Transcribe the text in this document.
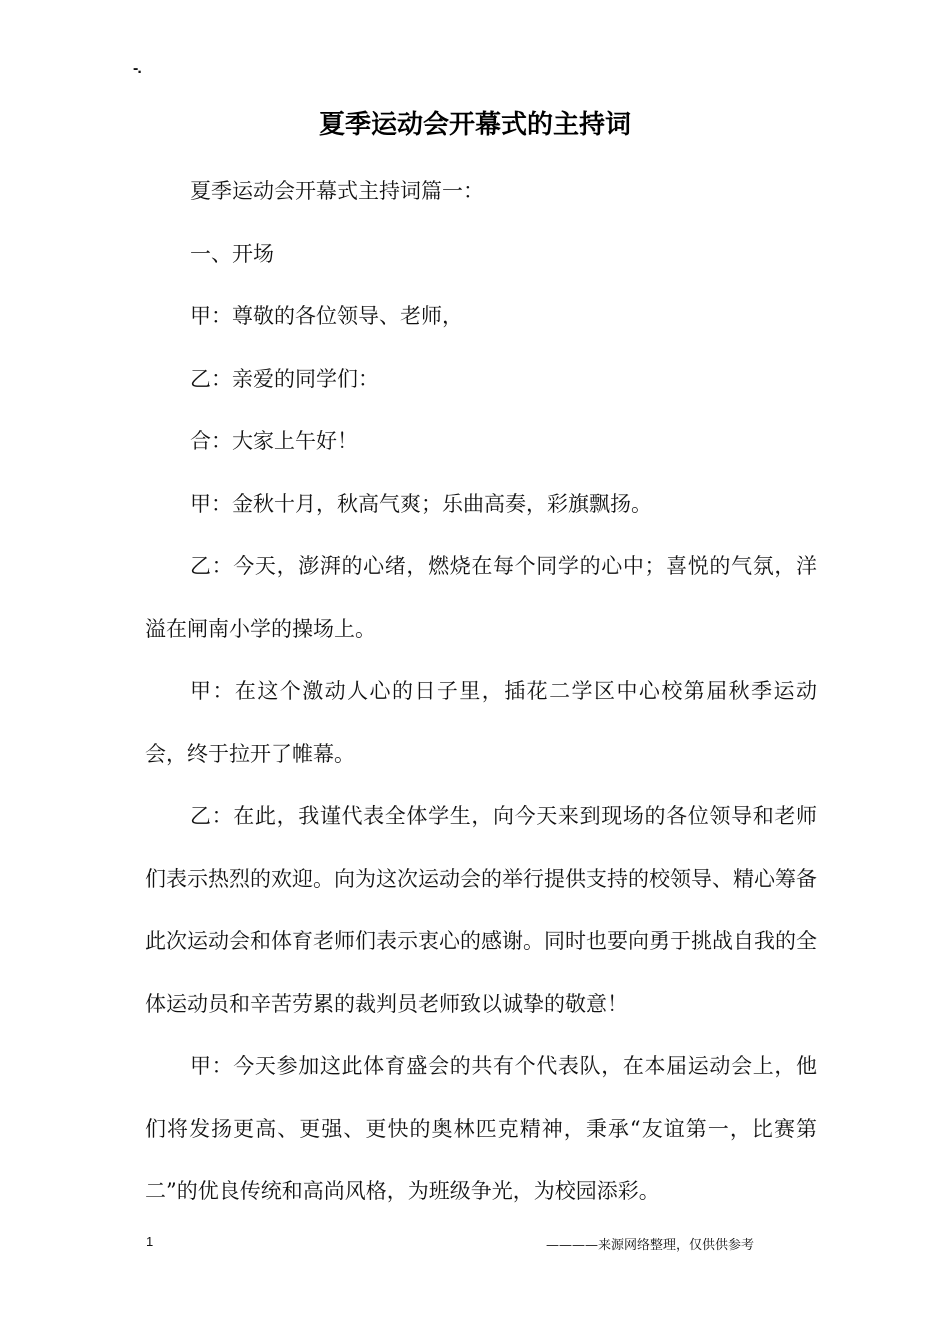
-.
夏季运动会开幕式的主持词

夏季运动会开幕式主持词篇一：

一、开场

甲：尊敬的各位领导、老师，

乙：亲爱的同学们：

合：大家上午好！

甲：金秋十月，秋高气爽；乐曲高奏，彩旗飘扬。

乙：今天，澎湃的心绪，燃烧在每个同学的心中；喜悦的气氛，洋溢在闸南小学的操场上。

甲：在这个激动人心的日子里，插花二学区中心校第届秋季运动会，终于拉开了帷幕。

乙：在此，我谨代表全体学生，向今天来到现场的各位领导和老师们表示热烈的欢迎。向为这次运动会的举行提供支持的校领导、精心筹备此次运动会和体育老师们表示衷心的感谢。同时也要向勇于挑战自我的全体运动员和辛苦劳累的裁判员老师致以诚挚的敬意！

甲：今天参加这此体育盛会的共有个代表队，在本届运动会上，他们将发扬更高、更强、更快的奥林匹克精神，秉承“友谊第一，比赛第二”的优良传统和高尚风格，为班级争光，为校园添彩。

1	————来源网络整理，仅供供参考
